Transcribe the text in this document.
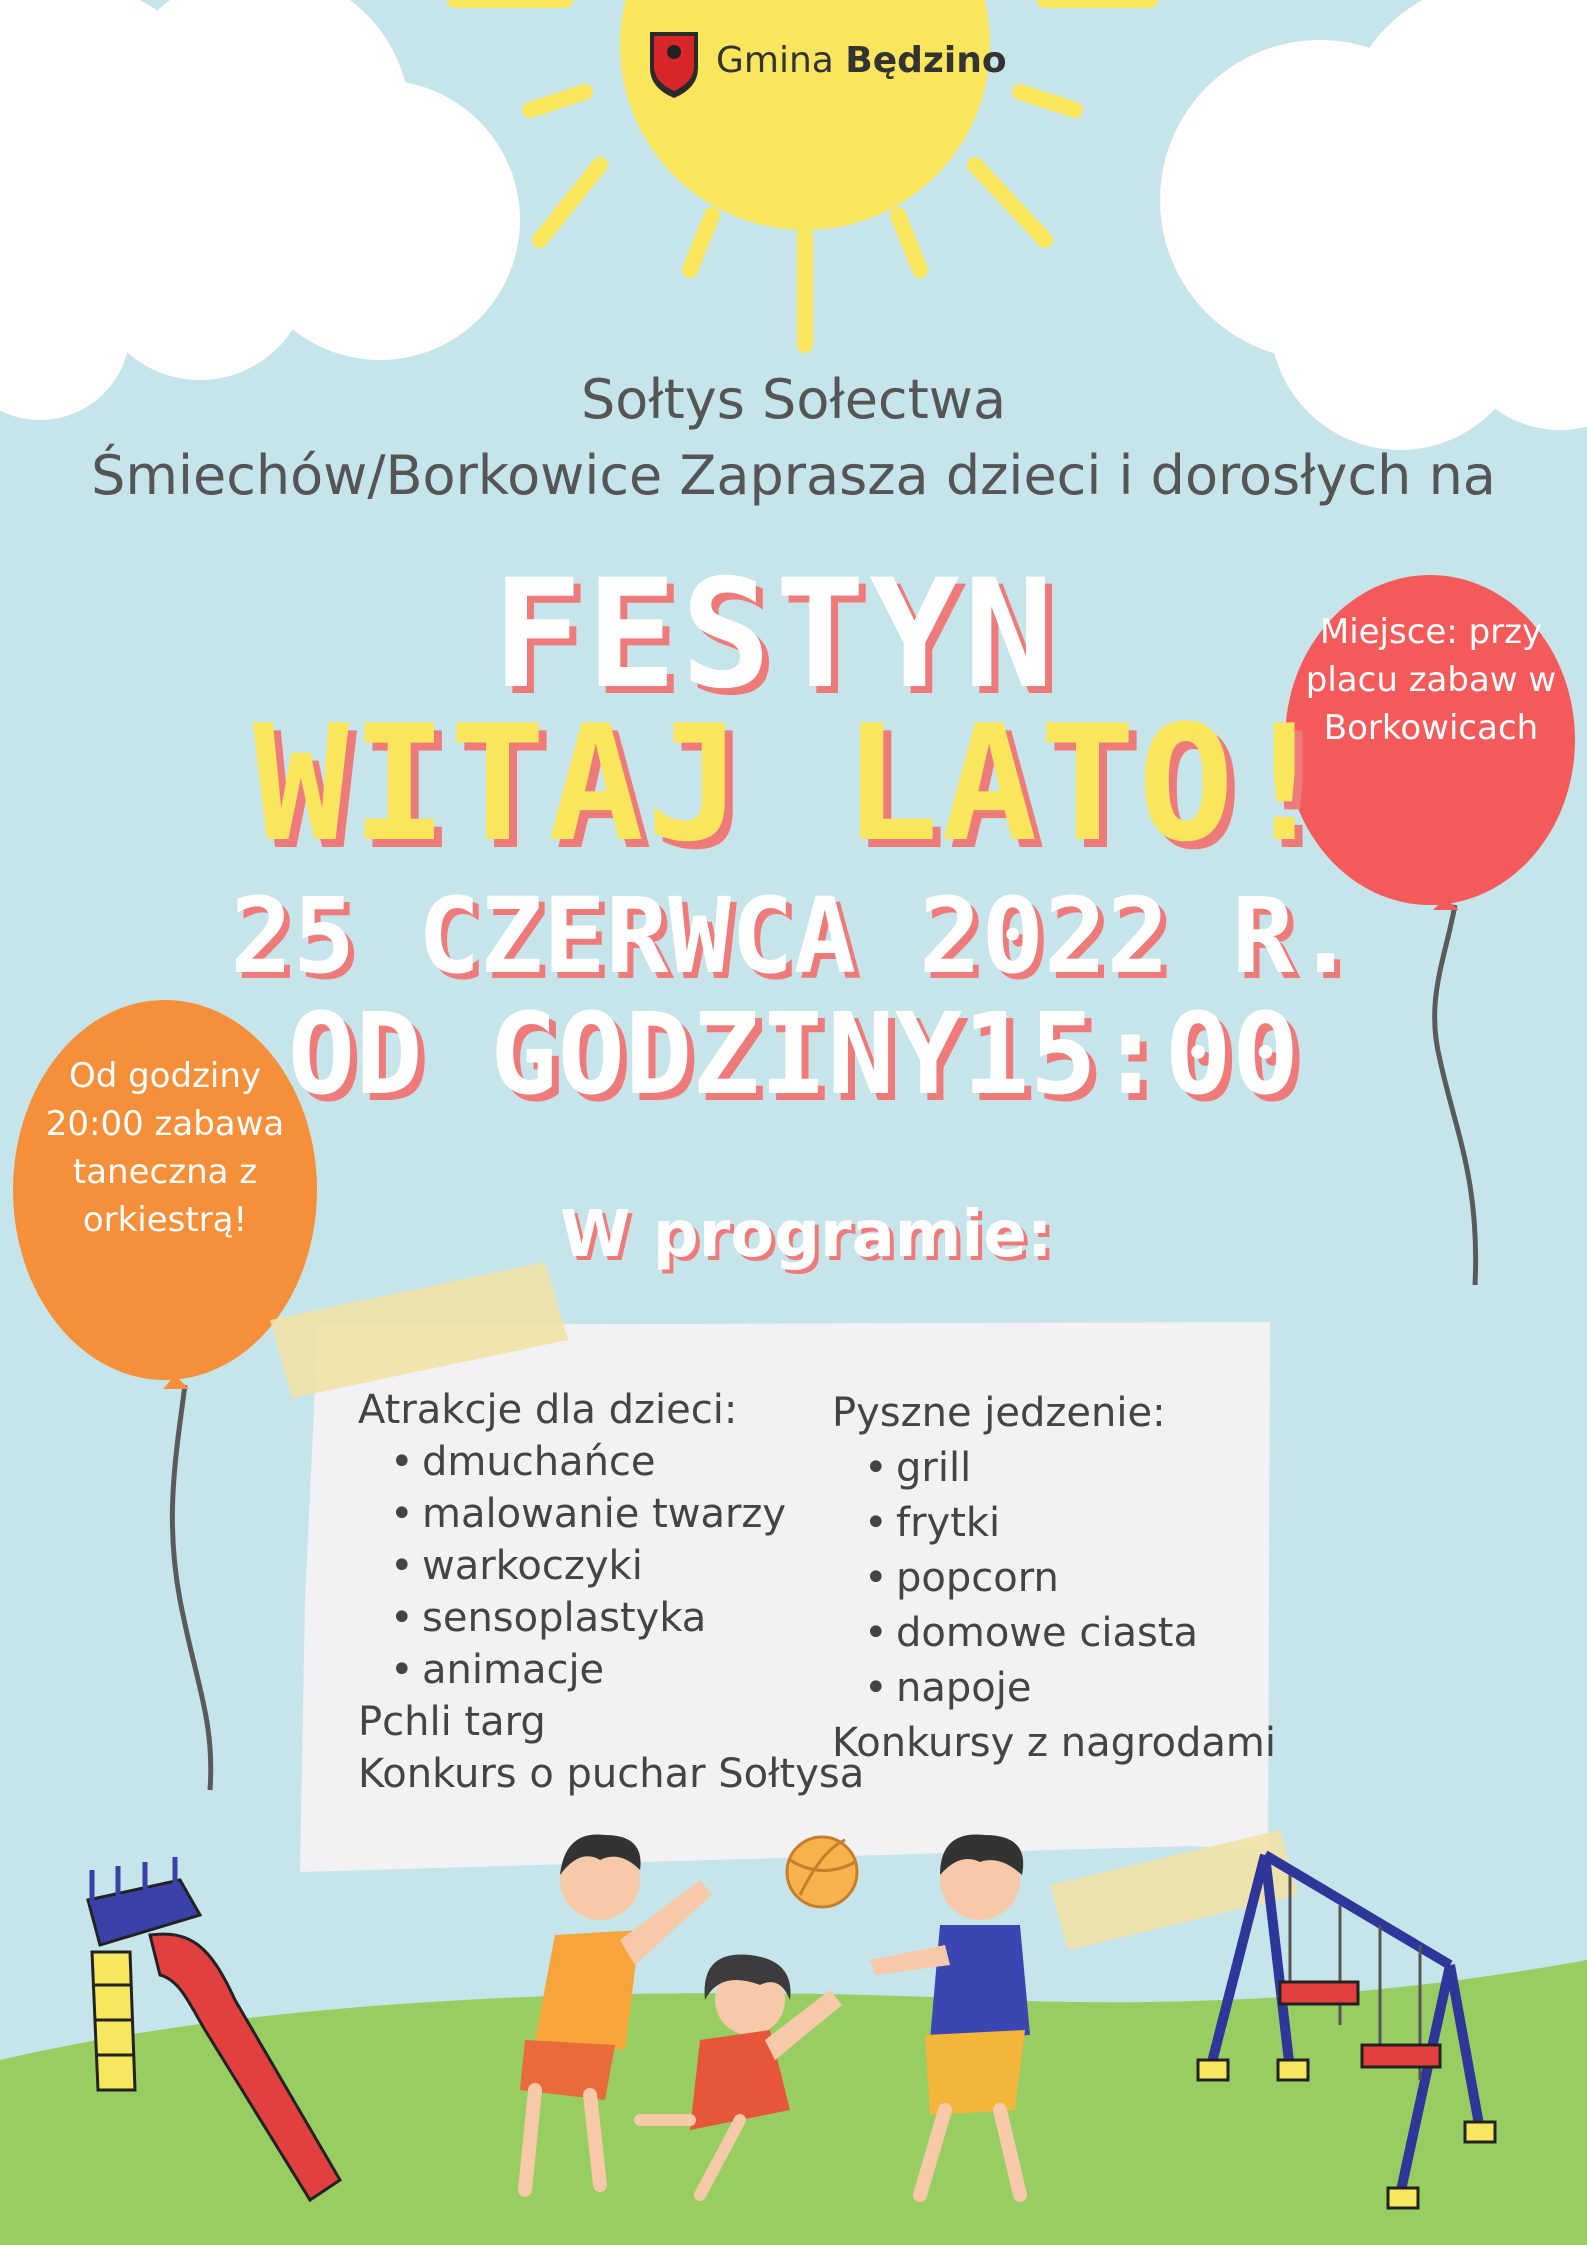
Gmina Będzino
Sołtys Sołectwa
Śmiechów/Borkowice Zaprasza dzieci i dorosłych na
FESTYN
WITAJ LATO!
25 CZERWCA 2022 R.
OD GODZINY15:00
Miejsce: przy placu zabaw w Borkowicach
Od godziny 20:00 zabawa taneczna z orkiestrą!	W programie:
Atrakcje dla dzieci:
• dmuchańce
• malowanie twarzy
• warkoczyki
• sensoplastyka
• animacje
Pchli targ
Konkurs o puchar Sołtysa
Pyszne jedzenie:
• grill
• frytki
• popcorn
• domowe ciasta
• napoje
Konkursy z nagrodami
